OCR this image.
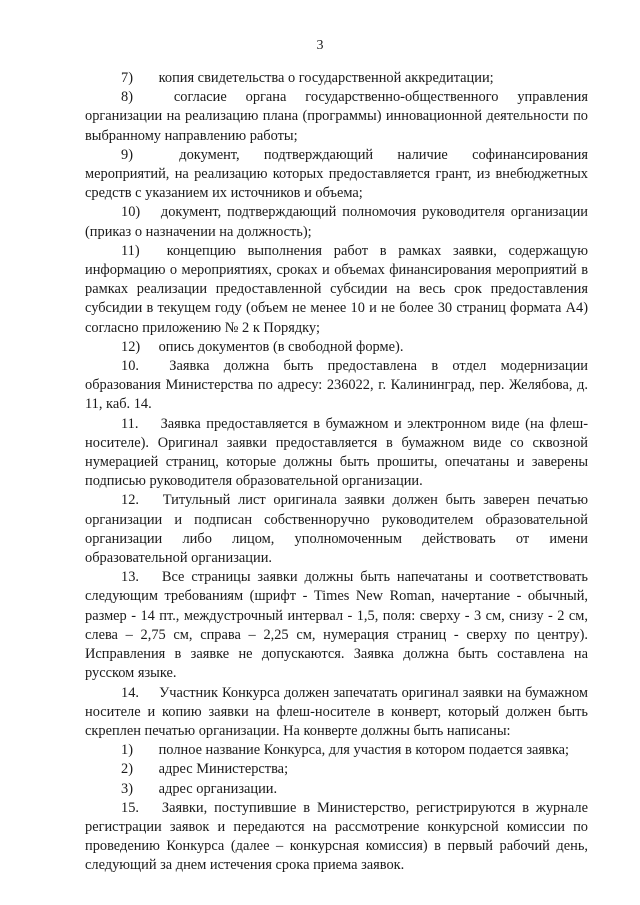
3

7) копия свидетельства о государственной аккредитации;

8)	согласие органа государственно-общественного управления организации на реализацию плана (программы) инновационной деятельности по выбранному направлению работы;

9)	документ, подтверждающий наличие софинансирования мероприятий, на реализацию которых предоставляется грант, из внебюджетных средств с указанием их источников и объема;

10) документ, подтверждающий полномочия руководителя организации (приказ о назначении на должность);

11) концепцию выполнения работ в рамках заявки, содержащую информацию о мероприятиях, сроках и объемах финансирования мероприятий в рамках реализации предоставленной субсидии на весь срок предоставления субсидии в текущем году (объем не менее 10 и не более 30 страниц формата А4) согласно приложению № 2 к Порядку;

12) опись документов (в свободной форме).

10. Заявка должна быть предоставлена в отдел модернизации образования Министерства по адресу: 236022, г. Калининград, пер. Желябова, д. 11, каб. 14.

11. Заявка предоставляется в бумажном и электронном виде (на флеш-носителе). Оригинал заявки предоставляется в бумажном виде со сквозной нумерацией страниц, которые должны быть прошиты, опечатаны и заверены подписью руководителя образовательной организации.

12. Титульный лист оригинала заявки должен быть заверен печатью организации и подписан собственноручно руководителем образовательной организации либо лицом, уполномоченным действовать от имени образовательной организации.

13. Все страницы заявки должны быть напечатаны и соответствовать следующим требованиям (шрифт - Times New Roman, начертание - обычный, размер - 14 пт., междустрочный интервал - 1,5, поля: сверху - 3 см, снизу - 2 см, слева – 2,75 см, справа – 2,25 см, нумерация страниц - сверху по центру). Исправления в заявке не допускаются. Заявка должна быть составлена на русском языке.

14. Участник Конкурса должен запечатать оригинал заявки на бумажном носителе и копию заявки на флеш-носителе в конверт, который должен быть скреплен печатью организации. На конверте должны быть написаны:

1) полное название Конкурса, для участия в котором подается заявка;

2) адрес Министерства;

3) адрес организации.

15. Заявки, поступившие в Министерство, регистрируются в журнале регистрации заявок и передаются на рассмотрение конкурсной комиссии по проведению Конкурса (далее – конкурсная комиссия) в первый рабочий день, следующий за днем истечения срока приема заявок.
